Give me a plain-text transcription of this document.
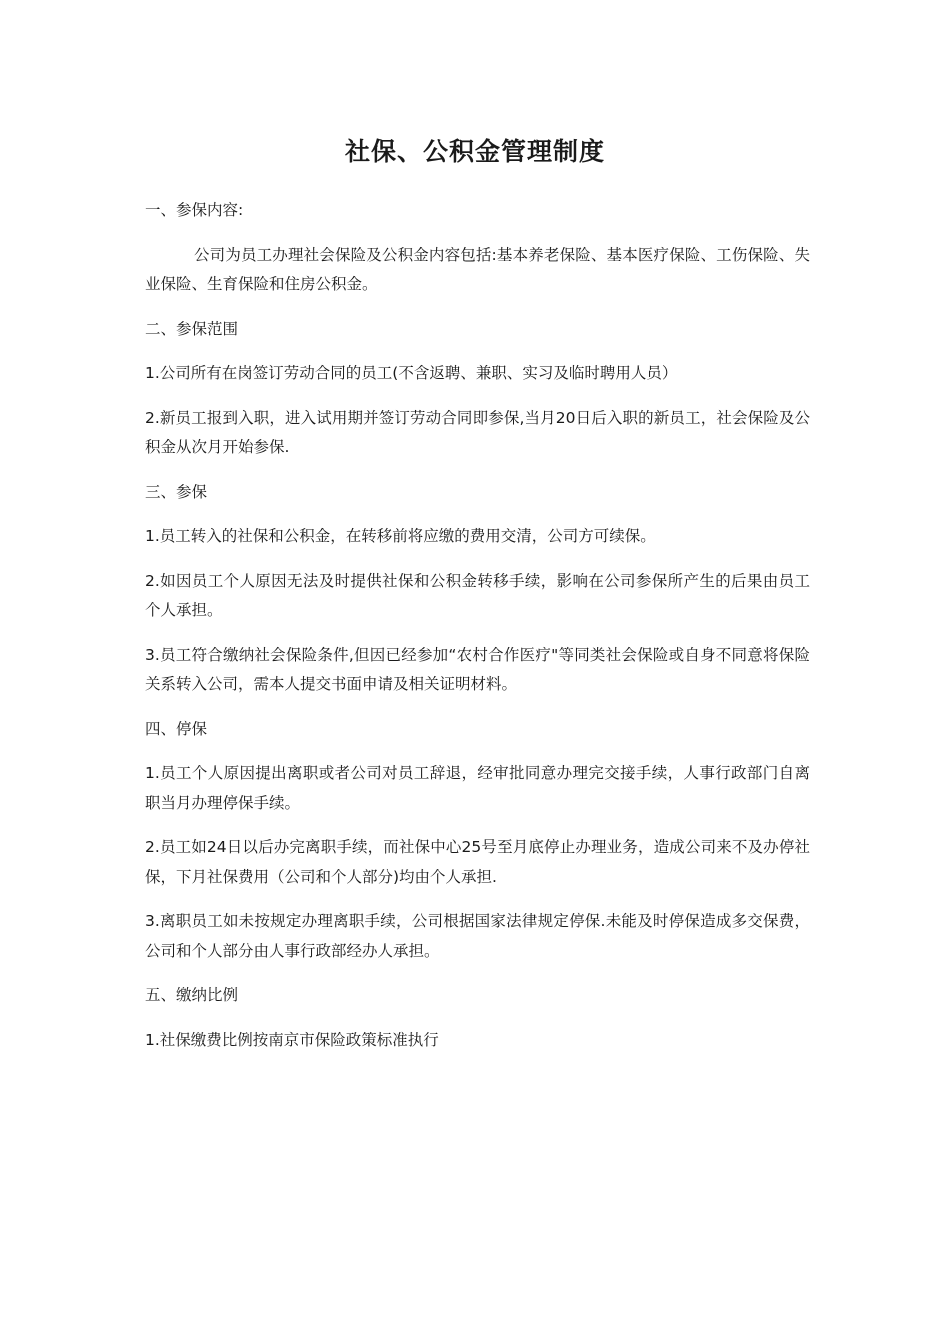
社保、公积金管理制度

一、参保内容:

公司为员工办理社会保险及公积金内容包括:基本养老保险、基本医疗保险、工伤保险、失业保险、生育保险和住房公积金。

二、参保范围

1.公司所有在岗签订劳动合同的员工(不含返聘、兼职、实习及临时聘用人员）

2.新员工报到入职，进入试用期并签订劳动合同即参保,当月20日后入职的新员工，社会保险及公积金从次月开始参保.

三、参保

1.员工转入的社保和公积金，在转移前将应缴的费用交清，公司方可续保。

2.如因员工个人原因无法及时提供社保和公积金转移手续，影响在公司参保所产生的后果由员工个人承担。

3.员工符合缴纳社会保险条件,但因已经参加“农村合作医疗"等同类社会保险或自身不同意将保险关系转入公司，需本人提交书面申请及相关证明材料。

四、停保

1.员工个人原因提出离职或者公司对员工辞退，经审批同意办理完交接手续，人事行政部门自离职当月办理停保手续。

2.员工如24日以后办完离职手续，而社保中心25号至月底停止办理业务，造成公司来不及办停社保，下月社保费用（公司和个人部分)均由个人承担.

3.离职员工如未按规定办理离职手续，公司根据国家法律规定停保.未能及时停保造成多交保费，公司和个人部分由人事行政部经办人承担。

五、缴纳比例

1.社保缴费比例按南京市保险政策标准执行
